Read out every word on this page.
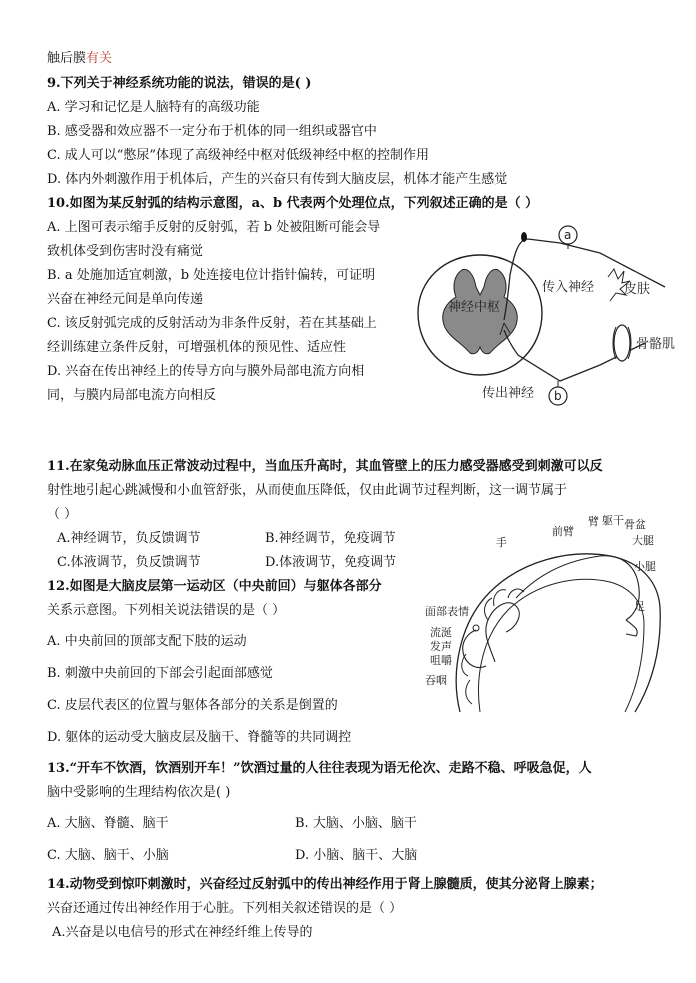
触后膜有关
9.下列关于神经系统功能的说法，错误的是( )
A. 学习和记忆是人脑特有的高级功能
B. 感受器和效应器不一定分布于机体的同一组织或器官中
C. 成人可以“憋尿”体现了高级神经中枢对低级神经中枢的控制作用
D. 体内外刺激作用于机体后，产生的兴奋只有传到大脑皮层，机体才能产生感觉
10.如图为某反射弧的结构示意图，a、b 代表两个处理位点，下列叙述正确的是（ ）
A. 上图可表示缩手反射的反射弧，若 b 处被阻断可能会导
致机体受到伤害时没有痛觉
B. a 处施加适宜刺激，b 处连接电位计指针偏转，可证明
兴奋在神经元间是单向传递
C. 该反射弧完成的反射活动为非条件反射，若在其基础上
经训练建立条件反射，可增强机体的预见性、适应性
D. 兴奋在传出神经上的传导方向与膜外局部电流方向相
同，与膜内局部电流方向相反
神经中枢
a
b
传入神经
传出神经
皮肤
骨骼肌
11.在家兔动脉血压正常波动过程中，当血压升高时，其血管壁上的压力感受器感受到刺激可以反
射性地引起心跳减慢和小血管舒张，从而使血压降低，仅由此调节过程判断，这一调节属于
（ ）
A.神经调节，负反馈调节	B.神经调节，免疫调节
C.体液调节，负反馈调节	D.体液调节，免疫调节
12.如图是大脑皮层第一运动区（中央前回）与躯体各部分
关系示意图。下列相关说法错误的是（ ）
A. 中央前回的顶部支配下肢的运动
B. 刺激中央前回的下部会引起面部感觉
C. 皮层代表区的位置与躯体各部分的关系是倒置的
D. 躯体的运动受大脑皮层及脑干、脊髓等的共同调控
手
前臂
臂 躯干 骨盆
大腿
小腿
足
面部表情
流涎
发声
咀嚼
吞咽
13.“开车不饮酒，饮酒别开车！”饮酒过量的人往往表现为语无伦次、走路不稳、呼吸急促，人
脑中受影响的生理结构依次是( )
A. 大脑、脊髓、脑干	B. 大脑、小脑、脑干
C. 大脑、脑干、小脑	D. 小脑、脑干、大脑
14.动物受到惊吓刺激时，兴奋经过反射弧中的传出神经作用于肾上腺髓质，使其分泌肾上腺素；
兴奋还通过传出神经作用于心脏。下列相关叙述错误的是（ ）
A.兴奋是以电信号的形式在神经纤维上传导的
